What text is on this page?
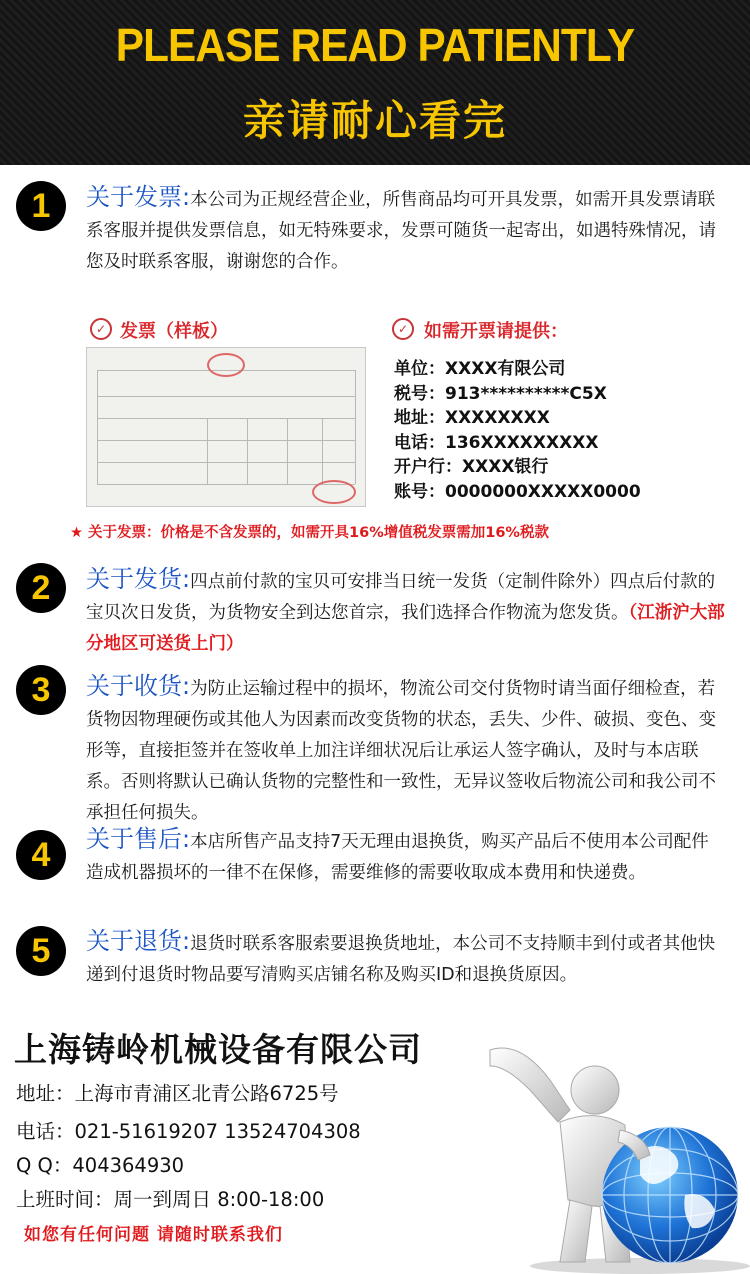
PLEASE READ PATIENTLY
亲请耐心看完
1	关于发票:本公司为正规经营企业，所售商品均可开具发票，如需开具发票请联系客服并提供发票信息，如无特殊要求，发票可随货一起寄出，如遇特殊情况，请您及时联系客服，谢谢您的合作。
✓ 发票（样板）	✓ 如需开票请提供：
单位：XXXX有限公司
税号：913**********C5X
地址：XXXXXXXX
电话：136XXXXXXXXX
开户行：XXXX银行
账号：0000000XXXXX0000
★ 关于发票：价格是不含发票的，如需开具16%增值税发票需加16%税款
2	关于发货:四点前付款的宝贝可安排当日统一发货（定制件除外）四点后付款的宝贝次日发货，为货物安全到达您首宗，我们选择合作物流为您发货。（江浙沪大部分地区可送货上门）
3	关于收货:为防止运输过程中的损坏，物流公司交付货物时请当面仔细检查，若货物因物理硬伤或其他人为因素而改变货物的状态，丢失、少件、破损、变色、变形等，直接拒签并在签收单上加注详细状况后让承运人签字确认，及时与本店联系。否则将默认已确认货物的完整性和一致性，无异议签收后物流公司和我公司不承担任何损失。
4	关于售后:本店所售产品支持7天无理由退换货，购买产品后不使用本公司配件造成机器损坏的一律不在保修，需要维修的需要收取成本费用和快递费。
5	关于退货:退货时联系客服索要退换货地址，本公司不支持顺丰到付或者其他快递到付退货时物品要写清购买店铺名称及购买ID和退换货原因。
上海铸岭机械设备有限公司
地址：上海市青浦区北青公路6725号
电话：021-51619207 13524704308
Q Q：404364930
上班时间：周一到周日 8:00-18:00
如您有任何问题 请随时联系我们
